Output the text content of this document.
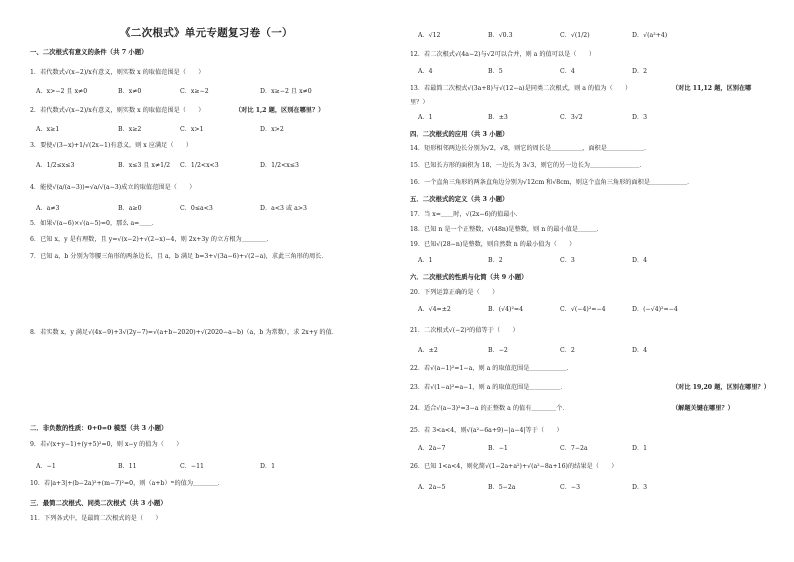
《二次根式》单元专题复习卷（一）
一、二次根式有意义的条件（共 7 小题）
1．若代数式√(x−2)/x有意义，则实数 x 的取值范围是（　　）
A．x>−2 且 x≠0	B．x≠0	C．x≥−2	D．x≥−2 且 x≠0
2．若代数式√(x−2)/x有意义，则实数 x 的取值范围是（　　）	（对比 1,2 题，区别在哪里？）
A．x≥1	B．x≥2	C．x>1	D．x>2
3．要使√(3−x)+1/√(2x−1)有意义，则 x 应满足（　　）
A．1/2≤x≤3	B．x≤3 且 x≠1/2 C．1/2<x<3	D．1/2<x≤3
4．能使√(a/(a−3))=√a/√(a−3)成立的取值范围是（　　）
A．a≠3	B．a≥0	C．0≤a<3	D．a<3 或 a>3
5．如果√(a−6)×√(a−5)=0，那么 a=＿＿．
6．已知 x，y 是有理数，且 y=√(x−2)+√(2−x)−4，则 2x+3y 的立方根为＿＿＿＿．
7．已知 a，b 分别为等腰三角形的两条边长，且 a，b 满足 b=3+√(3a−6)+√(2−a)，求此三角形的周长．
8．若实数 x，y 满足√(4x−9)+3√(2y−7)=√(a+b−2020)+√(2020−a−b)（a，b 为常数），求 2x+y 的值．
二．非负数的性质：0+0=0 模型（共 3 小题）
9．若√(x+y−1)+(y+5)²=0，则 x−y 的值为（　　）
A．−1	B．11	C．−11	D．1
10．若|a+3|+(b−2a)²+(m−7)²=0，则（a+b）ᵐ的值为＿＿＿＿．
三．最简二次根式、同类二次根式（共 3 小题）
11．下列各式中，是最简二次根式的是（　　）
A．√12	B．√0.3	C．√(1/2)	D．√(a²+4)
12．若二次根式√(4a−2)与√2可以合并，则 a 的值可以是（　　）
A．4	B．5	C．4	D．2
13．若最简二次根式√(3a+8)与√(12−a)是同类二次根式，则 a 的值为（　　）	（对比 11,12 题，区别在哪
里？）
A．1	B．±3	C．3√2	D．3
四．二次根式的应用（共 3 小题）
14．矩形相邻两边长分别为√2，√8，则它的周长是＿＿＿＿＿，面积是＿＿＿＿＿＿．
15．已知长方形的面积为 18，一边长为 3√3，则它的另一边长为＿＿＿＿＿＿＿＿．
16．一个直角三角形的两条直角边分别为√12cm 和√8cm，则这个直角三角形的面积是＿＿＿＿＿＿．
五．二次根式的定义（共 3 小题）
17．当 x=＿＿时，√(2x−6)的值最小．
18．已知 n 是一个正整数，√(48n)是整数，则 n 的最小值是＿＿＿．
19．已知√(28−n)是整数，则自然数 n 的最小值为（　　）
A．1	B．2	C．3	D．4
六．二次根式的性质与化简（共 9 小题）
20．下列运算正确的是（　　）
A．√4=±2	B．(√4)²=4	C．√(−4)²=−4	D．(−√4)²=−4
21．二次根式√(−2)²的值等于（　　）
A．±2	B．−2	C．2	D．4
22．若√(a−1)²=1−a，则 a 的取值范围是＿＿＿＿＿＿．
23．若√(1−a)²=a−1，则 a 的取值范围是＿＿＿＿＿．	（对比 19,20 题，区别在哪里？）
24．适合√(a−3)²=3−a 的正整数 a 的值有＿＿＿＿个．	（解题关键在哪里？）
25．若 3<a<4，则√(a²−6a+9)−|a−4|等于（　　）
A．2a−7	B．−1	C．7−2a	D．1
26．已知 1<a<4，则化简√(1−2a+a²)+√(a²−8a+16)的结果是（　　）
A．2a−5	B．5−2a	C．−3	D．3
